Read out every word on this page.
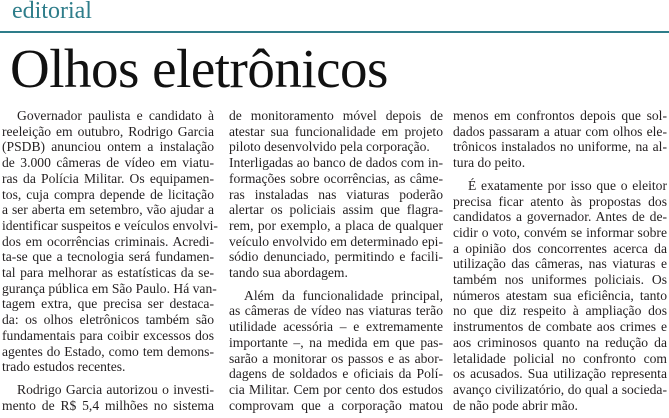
editorial
Olhos eletrônicos
Governador paulista e candidato à
reeleição em outubro, Rodrigo Garcia
(PSDB) anunciou ontem a instalação
de 3.000 câmeras de vídeo em viatu-
ras da Polícia Militar. Os equipamen-
tos, cuja compra depende de licitação
a ser aberta em setembro, vão ajudar a
identificar suspeitos e veículos envolvi-
dos em ocorrências criminais. Acredi-
ta-se que a tecnologia será fundamen-
tal para melhorar as estatísticas da se-
gurança pública em São Paulo. Há van-
tagem extra, que precisa ser destaca-
da: os olhos eletrônicos também são
fundamentais para coibir excessos dos
agentes do Estado, como tem demons-
trado estudos recentes.
Rodrigo Garcia autorizou o investi-
mento de R$ 5,4 milhões no sistema
de monitoramento móvel depois de
atestar sua funcionalidade em projeto
piloto desenvolvido pela corporação.
Interligadas ao banco de dados com in-
formações sobre ocorrências, as câme-
ras instaladas nas viaturas poderão
alertar os policiais assim que flagra-
rem, por exemplo, a placa de qualquer
veículo envolvido em determinado epi-
sódio denunciado, permitindo e facili-
tando sua abordagem.
Além da funcionalidade principal,
as câmeras de vídeo nas viaturas terão
utilidade acessória – e extremamente
importante –, na medida em que pas-
sarão a monitorar os passos e as abor-
dagens de soldados e oficiais da Polí-
cia Militar. Cem por cento dos estudos
comprovam que a corporação matou
menos em confrontos depois que sol-
dados passaram a atuar com olhos ele-
trônicos instalados no uniforme, na al-
tura do peito.
É exatamente por isso que o eleitor
precisa ficar atento às propostas dos
candidatos a governador. Antes de de-
cidir o voto, convém se informar sobre
a opinião dos concorrentes acerca da
utilização das câmeras, nas viaturas e
também nos uniformes policiais. Os
números atestam sua eficiência, tanto
no que diz respeito à ampliação dos
instrumentos de combate aos crimes e
aos criminosos quanto na redução da
letalidade policial no confronto com
os acusados. Sua utilização representa
avanço civilizatório, do qual a socieda-
de não pode abrir mão.
